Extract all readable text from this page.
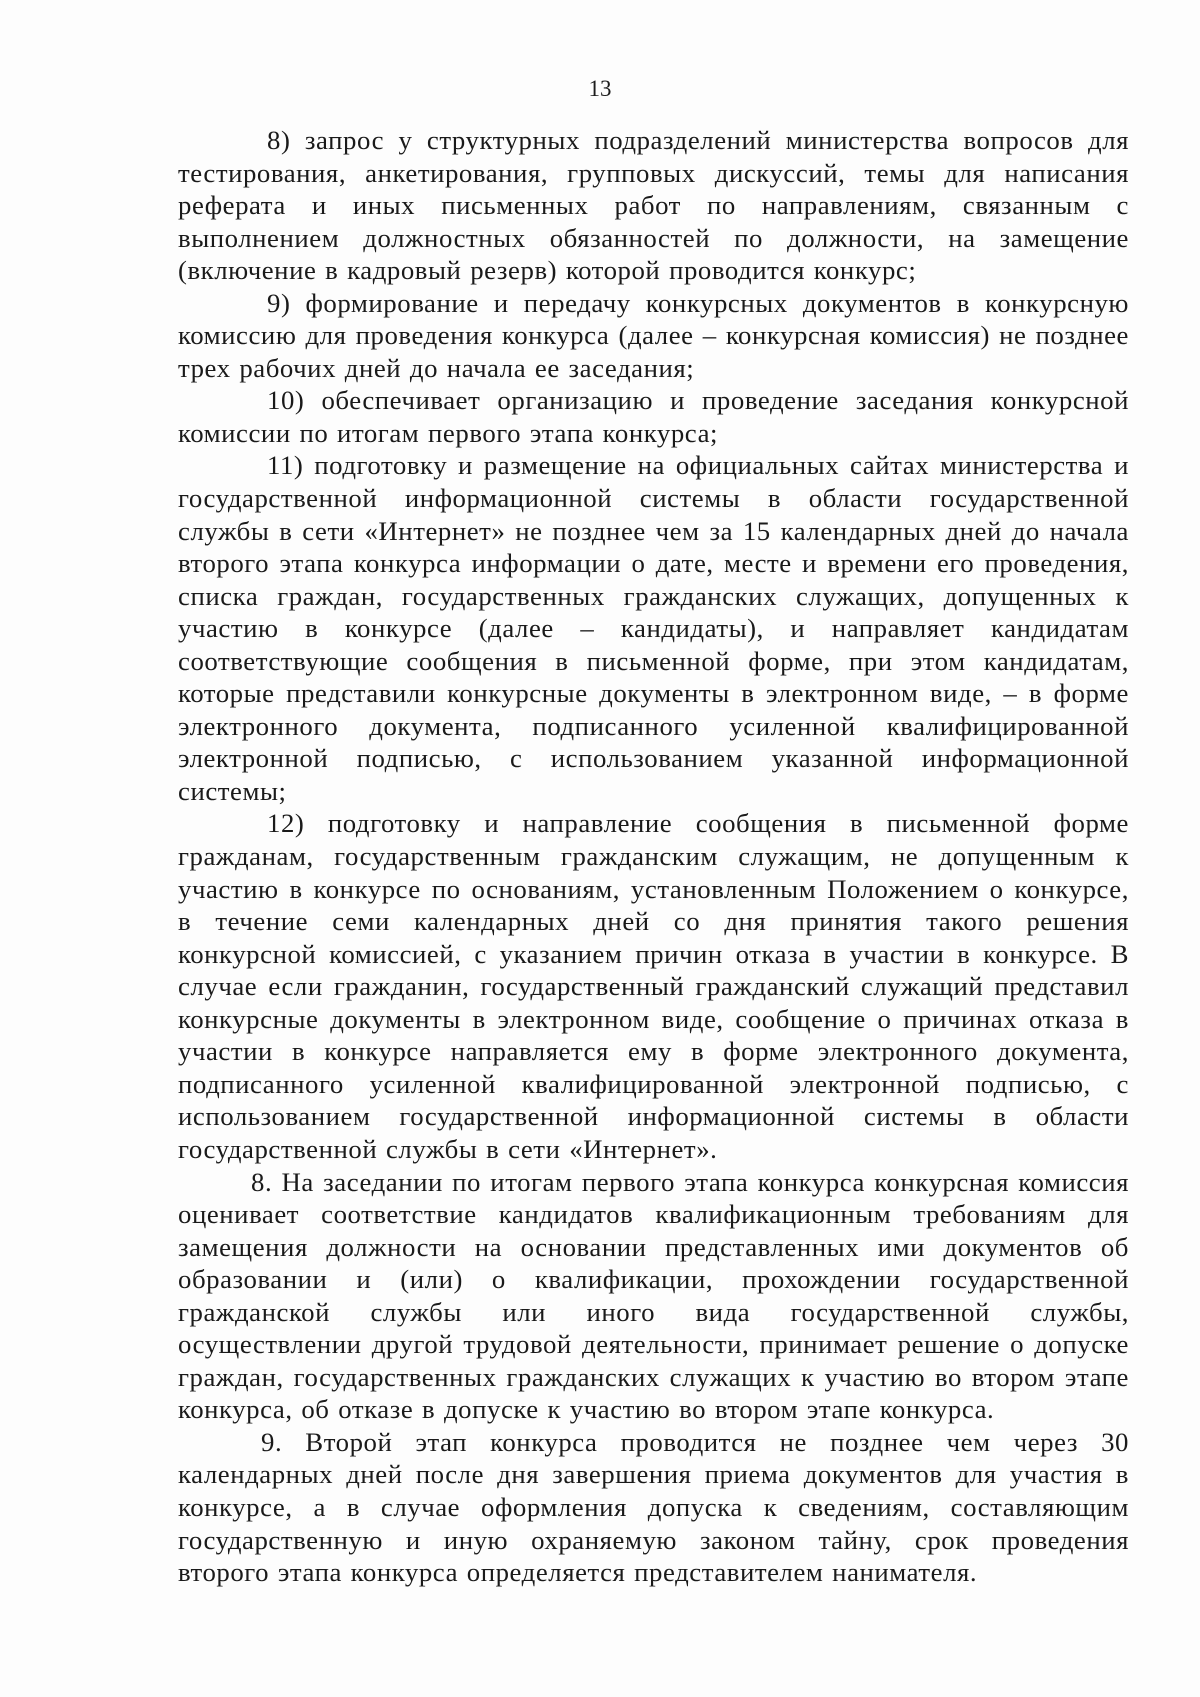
13

8) запрос у структурных подразделений министерства вопросов для тестирования, анкетирования, групповых дискуссий, темы для написания реферата и иных письменных работ по направлениям, связанным с выполнением должностных обязанностей по должности, на замещение (включение в кадровый резерв) которой проводится конкурс;

9) формирование и передачу конкурсных документов в конкурсную комиссию для проведения конкурса (далее – конкурсная комиссия) не позднее трех рабочих дней до начала ее заседания;

10) обеспечивает организацию и проведение заседания конкурсной комиссии по итогам первого этапа конкурса;

11) подготовку и размещение на официальных сайтах министерства и государственной информационной системы в области государственной службы в сети «Интернет» не позднее чем за 15 календарных дней до начала второго этапа конкурса информации о дате, месте и времени его проведения, списка граждан, государственных гражданских служащих, допущенных к участию в конкурсе (далее – кандидаты), и направляет кандидатам соответствующие сообщения в письменной форме, при этом кандидатам, которые представили конкурсные документы в электронном виде, – в форме электронного документа, подписанного усиленной квалифицированной электронной подписью, с использованием указанной информационной системы;

12) подготовку и направление сообщения в письменной форме гражданам, государственным гражданским служащим, не допущенным к участию в конкурсе по основаниям, установленным Положением о конкурсе, в течение семи календарных дней со дня принятия такого решения конкурсной комиссией, с указанием причин отказа в участии в конкурсе. В случае если гражданин, государственный гражданский служащий представил конкурсные документы в электронном виде, сообщение о причинах отказа в участии в конкурсе направляется ему в форме электронного документа, подписанного усиленной квалифицированной электронной подписью, с использованием государственной информационной системы в области государственной службы в сети «Интернет».

8. На заседании по итогам первого этапа конкурса конкурсная комиссия оценивает соответствие кандидатов квалификационным требованиям для замещения должности на основании представленных ими документов об образовании и (или) о квалификации, прохождении государственной гражданской службы или иного вида государственной службы, осуществлении другой трудовой деятельности, принимает решение о допуске граждан, государственных гражданских служащих к участию во втором этапе конкурса, об отказе в допуске к участию во втором этапе конкурса.

9. Второй этап конкурса проводится не позднее чем через 30 календарных дней после дня завершения приема документов для участия в конкурсе, а в случае оформления допуска к сведениям, составляющим государственную и иную охраняемую законом тайну, срок проведения второго этапа конкурса определяется представителем нанимателя.
